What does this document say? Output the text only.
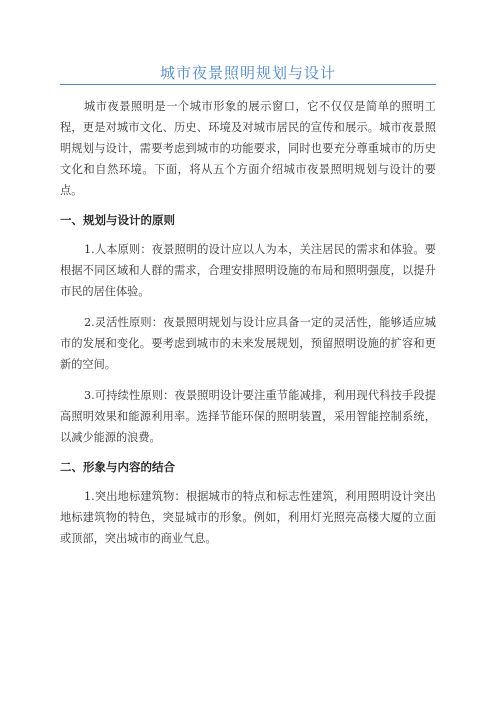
城市夜景照明规划与设计

城市夜景照明是一个城市形象的展示窗口，它不仅仅是简单的照明工程，更是对城市文化、历史、环境及对城市居民的宣传和展示。城市夜景照明规划与设计，需要考虑到城市的功能要求，同时也要充分尊重城市的历史文化和自然环境。下面，将从五个方面介绍城市夜景照明规划与设计的要点。

一、规划与设计的原则

1.人本原则：夜景照明的设计应以人为本，关注居民的需求和体验。要根据不同区域和人群的需求，合理安排照明设施的布局和照明强度，以提升市民的居住体验。

2.灵活性原则：夜景照明规划与设计应具备一定的灵活性，能够适应城市的发展和变化。要考虑到城市的未来发展规划，预留照明设施的扩容和更新的空间。

3.可持续性原则：夜景照明设计要注重节能减排，利用现代科技手段提高照明效果和能源利用率。选择节能环保的照明装置，采用智能控制系统，以减少能源的浪费。

二、形象与内容的结合

1.突出地标建筑物：根据城市的特点和标志性建筑，利用照明设计突出地标建筑物的特色，突显城市的形象。例如，利用灯光照亮高楼大厦的立面或顶部，突出城市的商业气息。
